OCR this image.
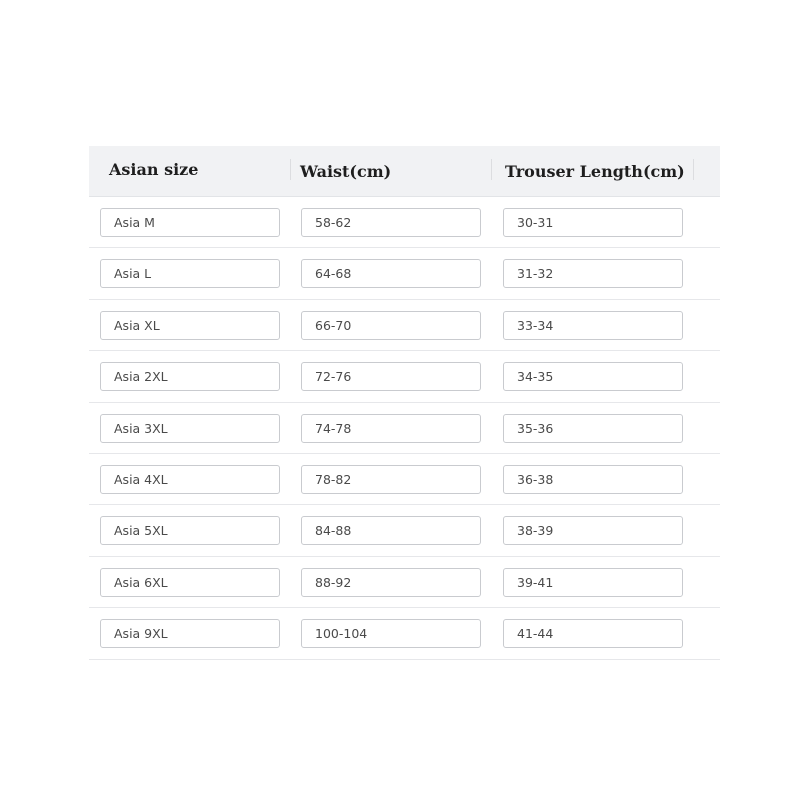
Asian size	Waist(cm)	Trouser Length(cm)
Asia M
58-62
30-31
Asia L
64-68
31-32
Asia XL
66-70
33-34
Asia 2XL
72-76
34-35
Asia 3XL
74-78
35-36
Asia 4XL
78-82
36-38
Asia 5XL
84-88
38-39
Asia 6XL
88-92
39-41
Asia 9XL
100-104
41-44
